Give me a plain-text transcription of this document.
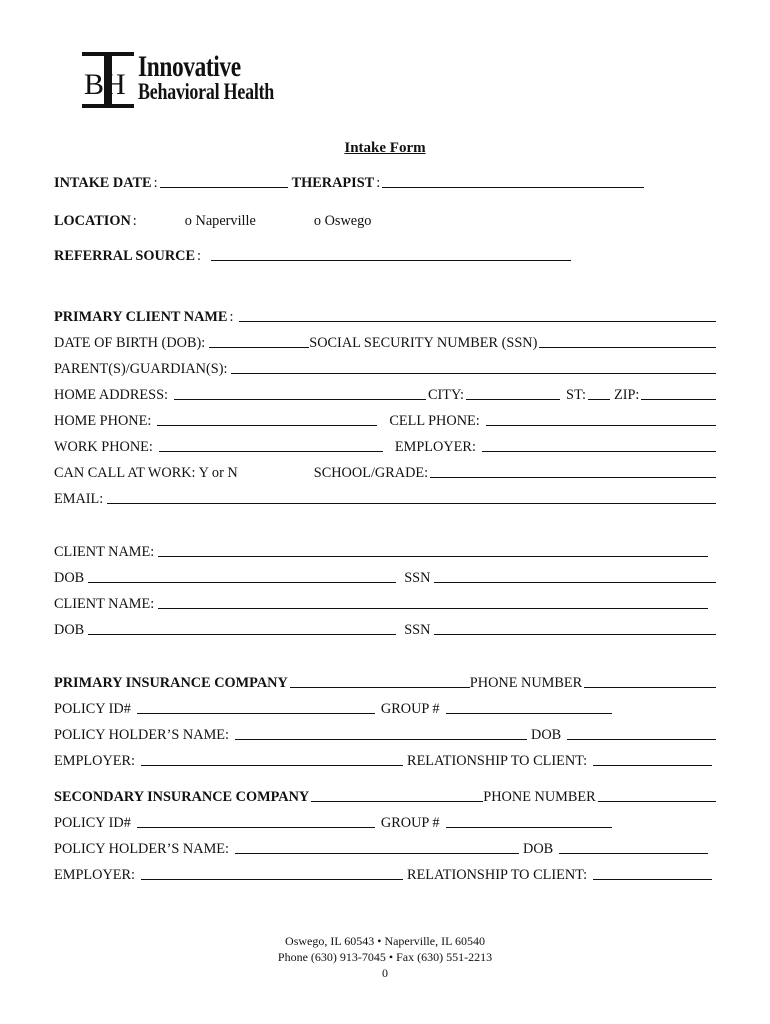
BH
Innovative
Behavioral Health
Intake Form
INTAKE DATE :	THERAPIST :
LOCATION :	o Naperville	o Oswego
REFERRAL SOURCE :
PRIMARY CLIENT NAME :
DATE OF BIRTH (DOB):	SOCIAL SECURITY NUMBER (SSN)
PARENT(S)/GUARDIAN(S):
HOME ADDRESS:	CITY:	ST: ZIP:
HOME PHONE:	CELL PHONE:
WORK PHONE:	EMPLOYER:
CAN CALL AT WORK: Y or N	SCHOOL/GRADE:
EMAIL:
CLIENT NAME:
DOB	SSN
CLIENT NAME:
DOB	SSN
PRIMARY INSURANCE COMPANY	PHONE NUMBER
POLICY ID#	GROUP #
POLICY HOLDER’S NAME:	DOB
EMPLOYER:	RELATIONSHIP TO CLIENT:
SECONDARY INSURANCE COMPANY	PHONE NUMBER
POLICY ID#	GROUP #
POLICY HOLDER’S NAME:	DOB
EMPLOYER:	RELATIONSHIP TO CLIENT:
Oswego, IL 60543 • Naperville, IL 60540
Phone (630) 913-7045 • Fax (630) 551-2213
0
